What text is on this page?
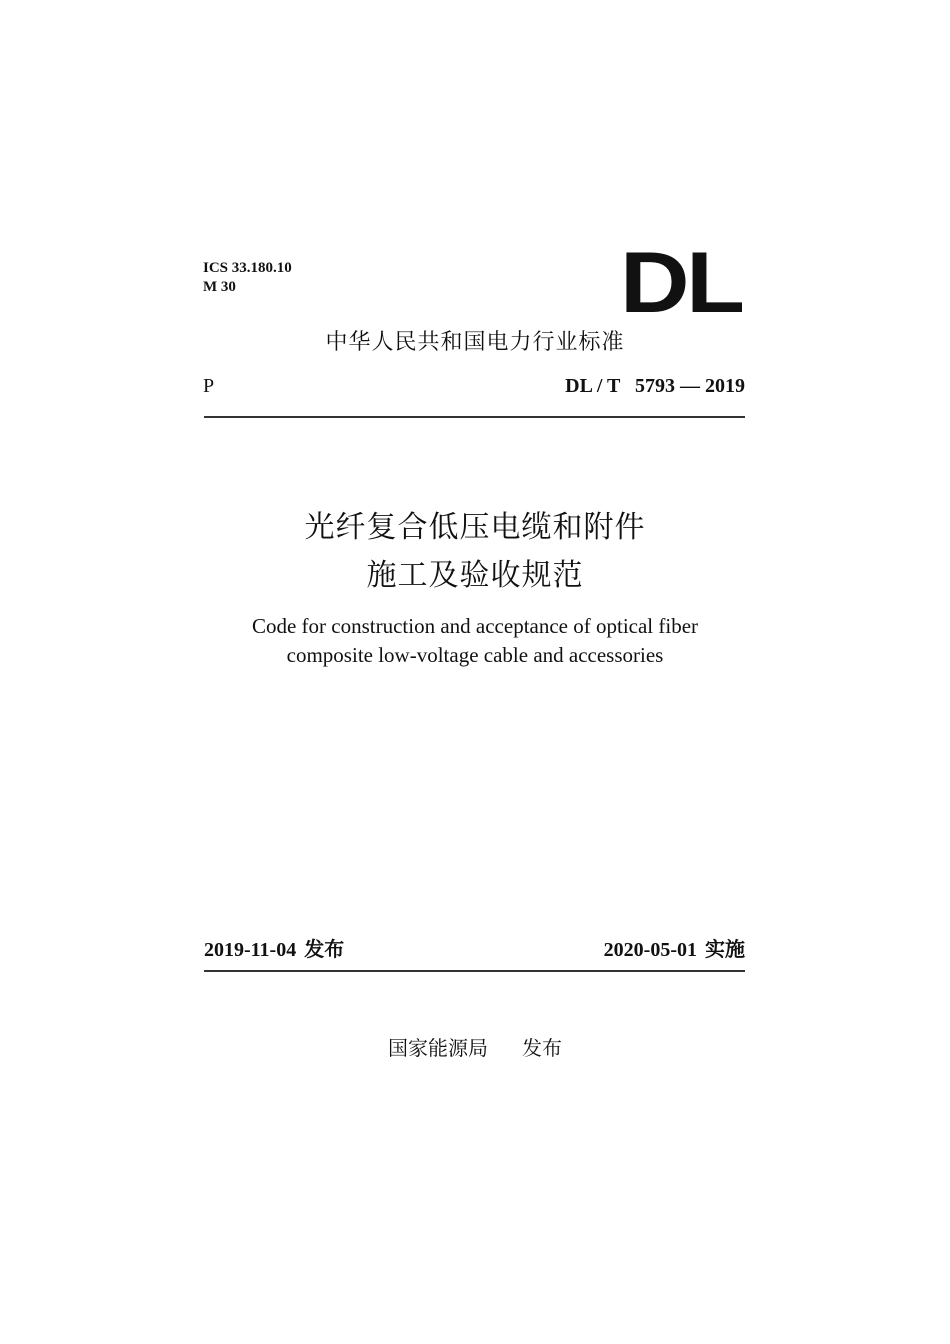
ICS 33.180.10
M 30	DL
中华人民共和国电力行业标准
P	DL / T   5793 — 2019
光纤复合低压电缆和附件
施工及验收规范
Code for construction and acceptance of optical fiber
composite low-voltage cable and accessories
2019-11-04 发布	2020-05-01 实施
国家能源局 发布
